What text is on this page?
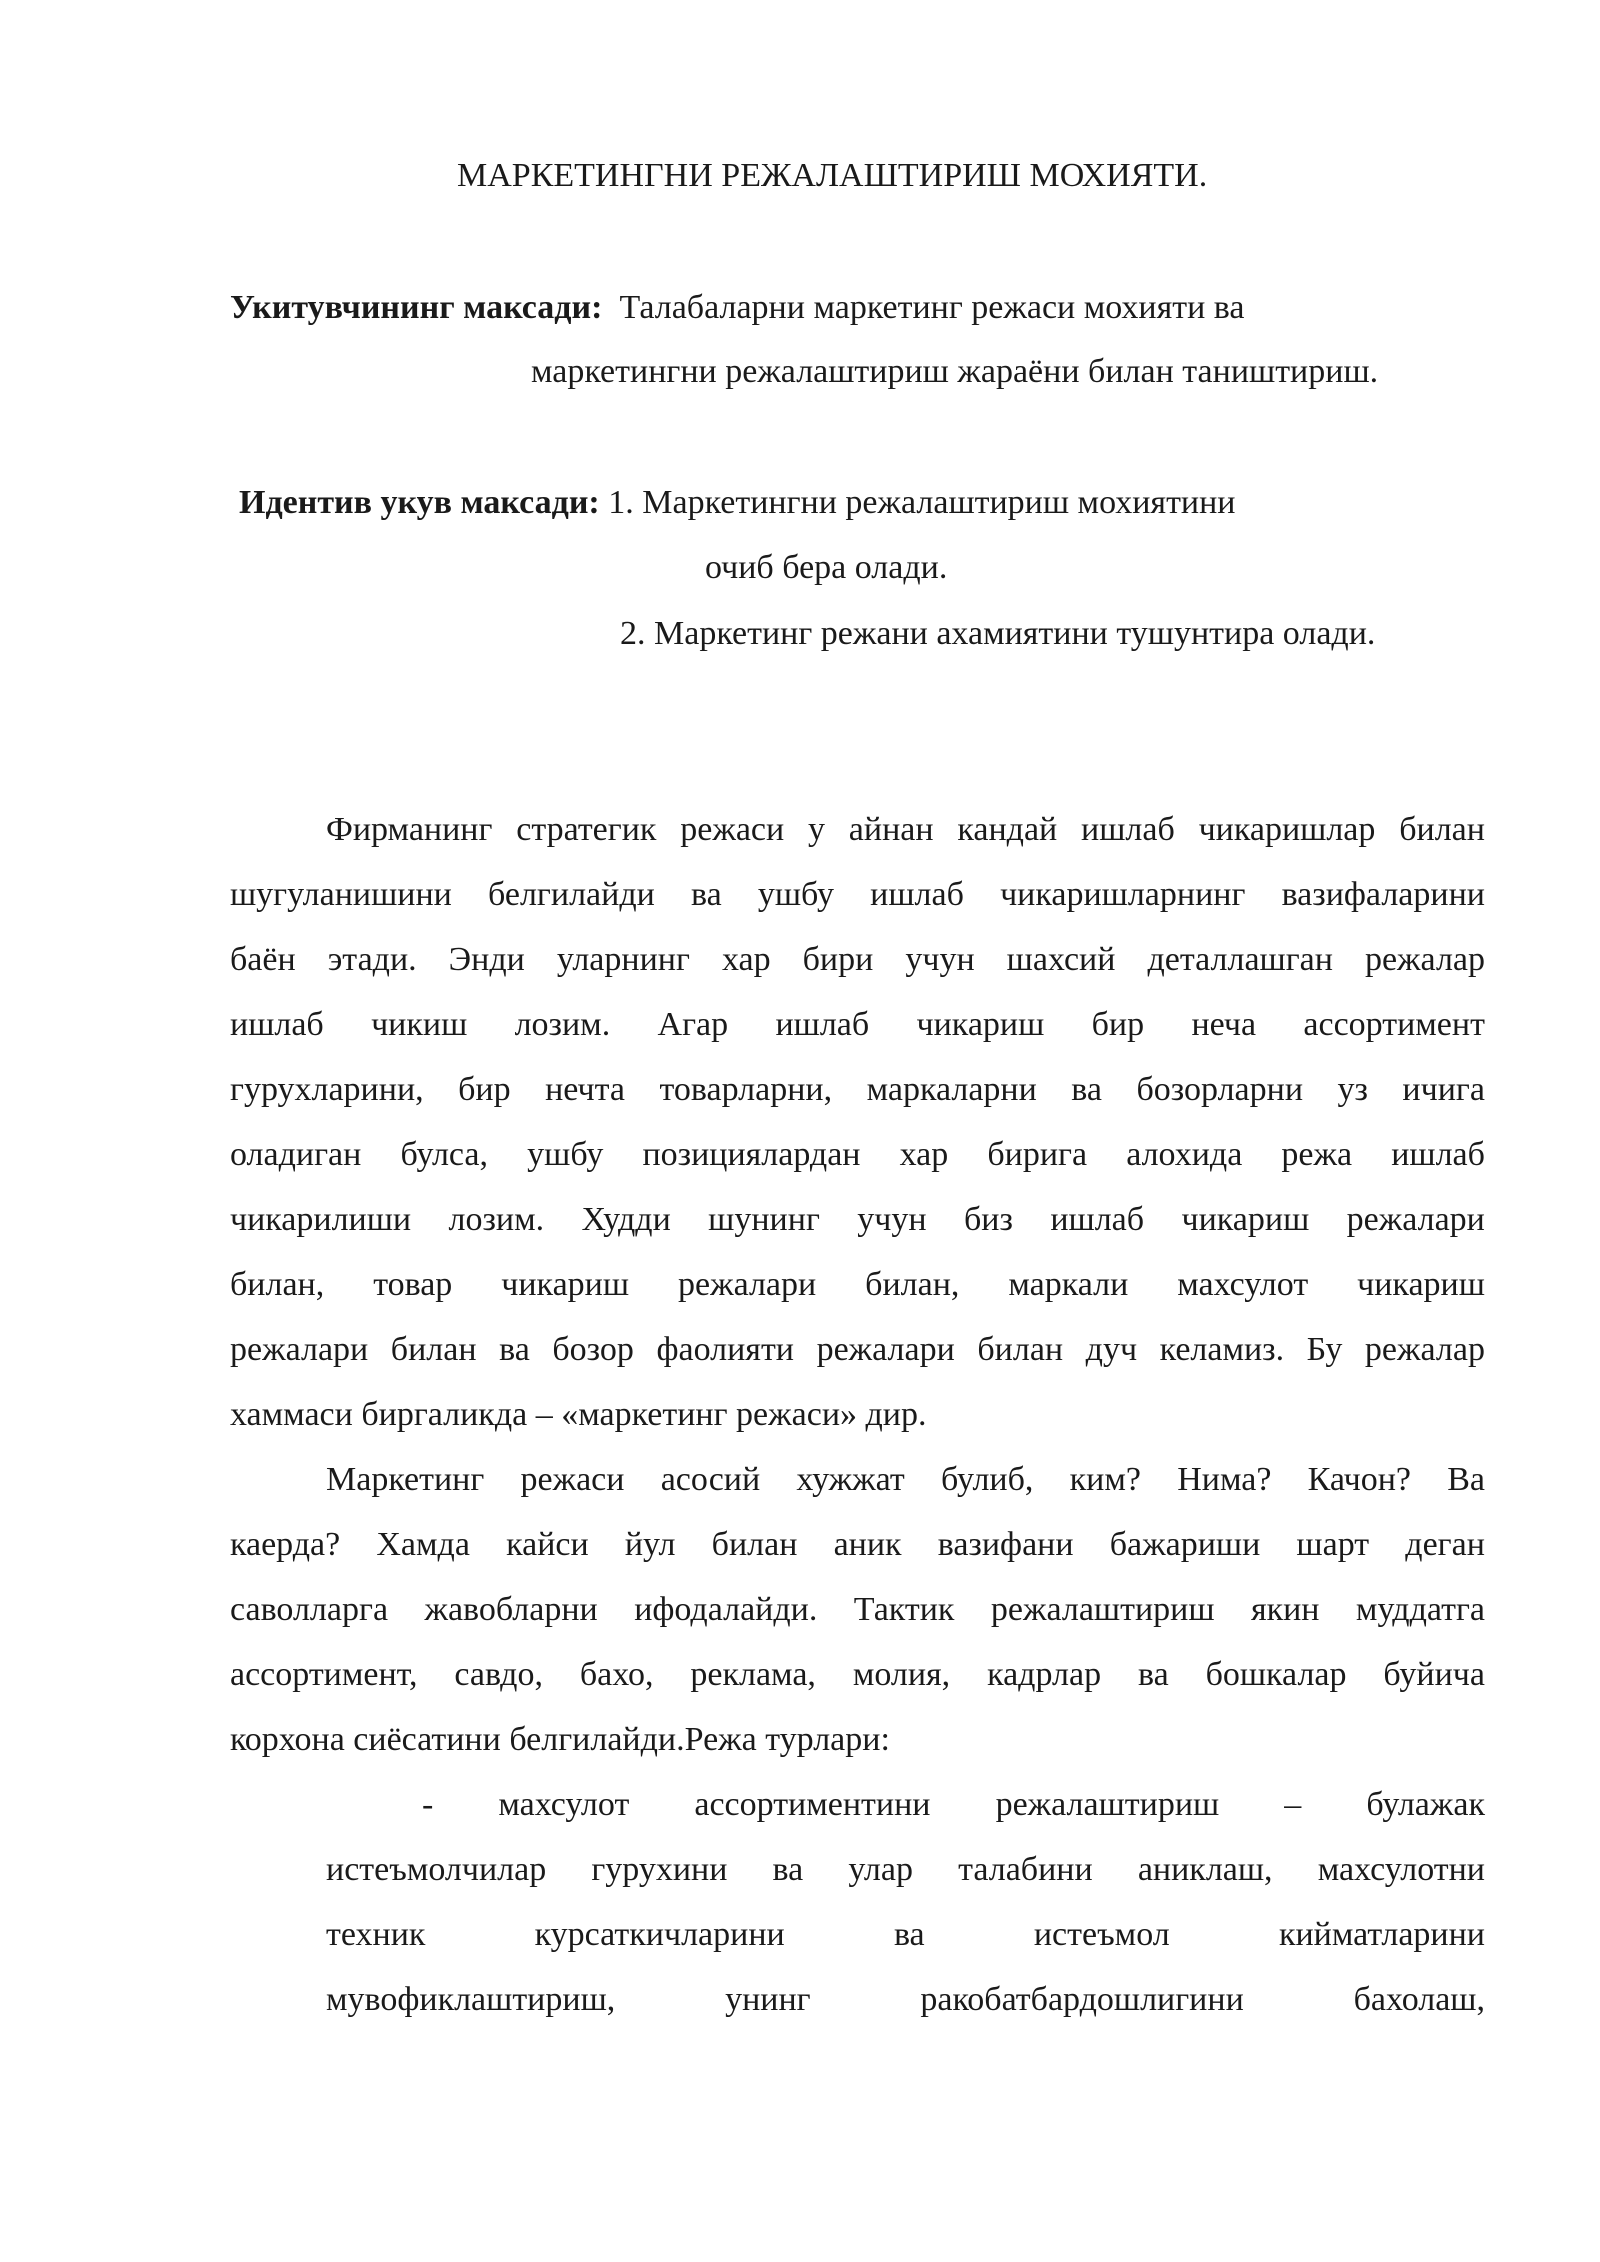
МАРКЕТИНГНИ РЕЖАЛАШТИРИШ МОХИЯТИ.
Укитувчининг максади: Талабаларни маркетинг режаси мохияти ва
маркетингни режалаштириш жараёни билан таништириш.
Идентив укув максади: 1. Маркетингни режалаштириш мохиятини
очиб бера олади.
2. Маркетинг режани ахамиятини тушунтира олади.
Фирманинг стратегик режаси у айнан кандай ишлаб чикаришлар билан
шугуланишини белгилайди ва ушбу ишлаб чикаришларнинг вазифаларини
баён этади. Энди уларнинг хар бири учун шахсий деталлашган режалар
ишлаб чикиш лозим. Агар ишлаб чикариш бир неча ассортимент
гурухларини, бир нечта товарларни, маркаларни ва бозорларни уз ичига
оладиган булса, ушбу позициялардан хар бирига алохида режа ишлаб
чикарилиши лозим. Худди шунинг учун биз ишлаб чикариш режалари
билан, товар чикариш режалари билан, маркали махсулот чикариш
режалари билан ва бозор фаолияти режалари билан дуч келамиз. Бу режалар
хаммаси биргаликда – «маркетинг режаси» дир.
Маркетинг режаси асосий хужжат булиб, ким? Нима? Качон? Ва
каерда? Хамда кайси йул билан аник вазифани бажариши шарт деган
саволларга жавобларни ифодалайди. Тактик режалаштириш якин муддатга
ассортимент, савдо, бахо, реклама, молия, кадрлар ва бошкалар буйича
корхона сиёсатини белгилайди.Режа турлари:
- махсулот ассортиментини режалаштириш – булажак
истеъмолчилар гурухини ва улар талабини аниклаш, махсулотни
техник	курсаткичларини	ва	истеъмол	кийматларини
мувофиклаштириш,	унинг	ракобатбардошлигини	бахолаш,
